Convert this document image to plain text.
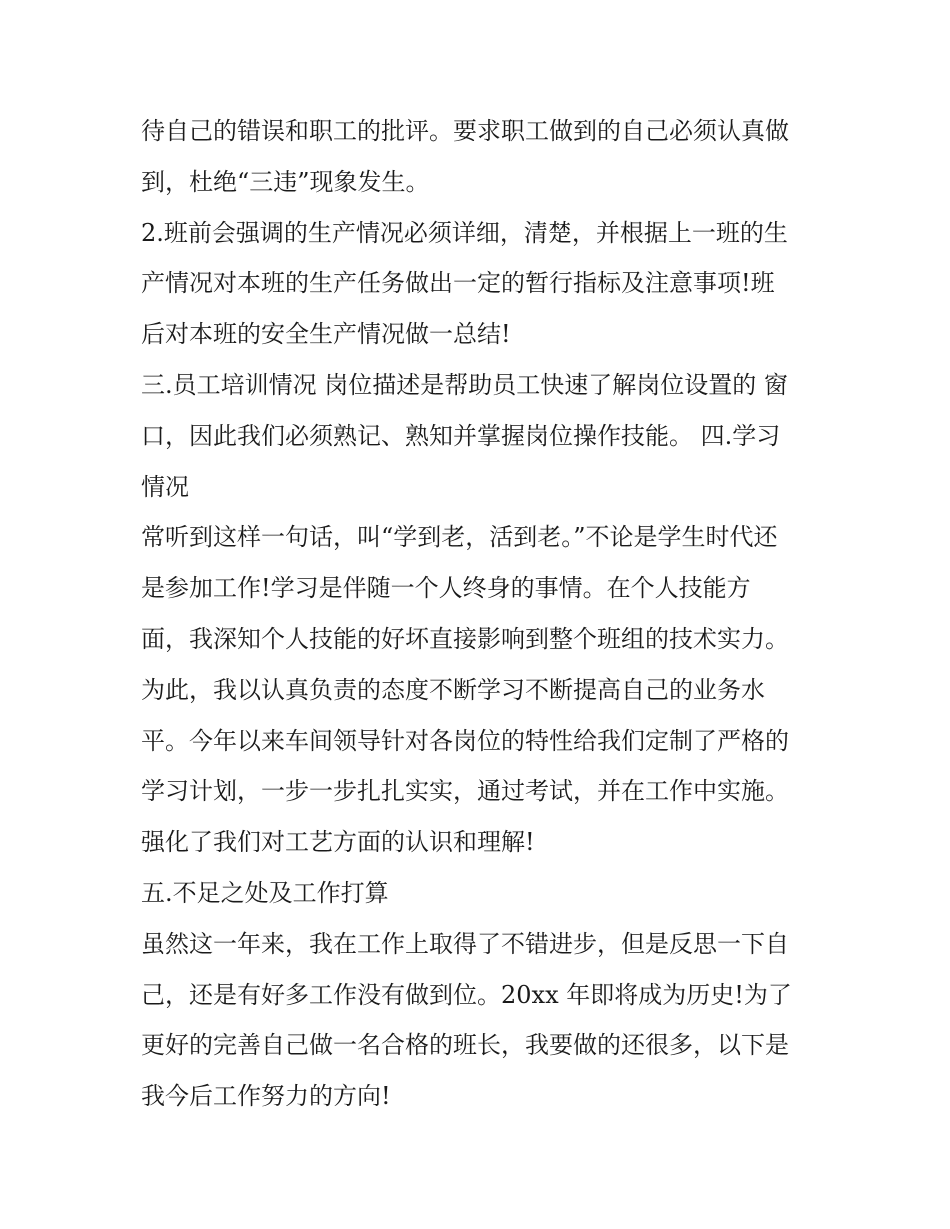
待自己的错误和职工的批评。要求职工做到的自己必须认真做
到，杜绝“三违”现象发生。
2.班前会强调的生产情况必须详细，清楚，并根据上一班的生
产情况对本班的生产任务做出一定的暂行指标及注意事项!班
后对本班的安全生产情况做一总结!
三.员工培训情况 岗位描述是帮助员工快速了解岗位设置的 窗
口，因此我们必须熟记、熟知并掌握岗位操作技能。 四.学习
情况
常听到这样一句话，叫“学到老，活到老。”不论是学生时代还
是参加工作!学习是伴随一个人终身的事情。在个人技能方
面，我深知个人技能的好坏直接影响到整个班组的技术实力。
为此，我以认真负责的态度不断学习不断提高自己的业务水
平。今年以来车间领导针对各岗位的特性给我们定制了严格的
学习计划，一步一步扎扎实实，通过考试，并在工作中实施。
强化了我们对工艺方面的认识和理解!
五.不足之处及工作打算
虽然这一年来，我在工作上取得了不错进步，但是反思一下自
己，还是有好多工作没有做到位。20xx 年即将成为历史!为了
更好的完善自己做一名合格的班长，我要做的还很多，以下是
我今后工作努力的方向!
